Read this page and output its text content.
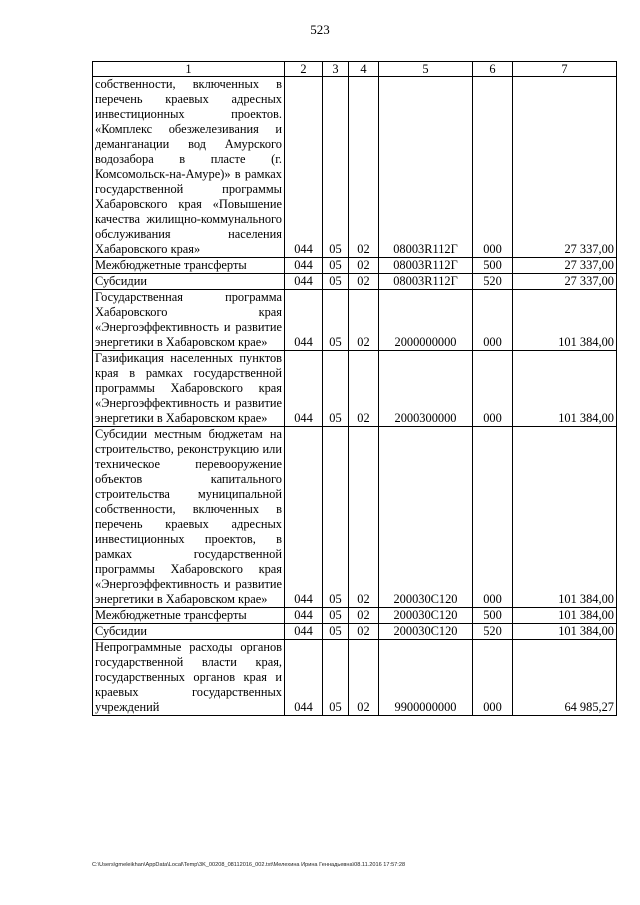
523
1	2	3	4	5	6	7
собственности, включенных в перечень краевых адресных инвестиционных проектов. «Комплекс обезжелезивания и деманганации вод Амурского водозабора в пласте (г. Комсомольск-на-Амуре)» в рамках государственной программы Хабаровского края «Повышение качества жилищно-коммунального обслуживания населения Хабаровского края»	044	05	02	08003R112Г	000	27 337,00
Межбюджетные трансферты	044	05	02	08003R112Г	500	27 337,00
Субсидии	044	05	02	08003R112Г	520	27 337,00
Государственная программа Хабаровского края «Энергоэффективность и развитие энергетики в Хабаровском крае»	044	05	02	2000000000	000	101 384,00
Газификация населенных пунктов края в рамках государственной программы Хабаровского края «Энергоэффективность и развитие энергетики в Хабаровском крае»	044	05	02	2000300000	000	101 384,00
Субсидии местным бюджетам на строительство, реконструкцию или техническое перевооружение объектов капитального строительства муниципальной собственности, включенных в перечень краевых адресных инвестиционных проектов, в рамках государственной программы Хабаровского края «Энергоэффективность и развитие энергетики в Хабаровском крае»	044	05	02	200030С120	000	101 384,00
Межбюджетные трансферты	044	05	02	200030С120	500	101 384,00
Субсидии	044	05	02	200030С120	520	101 384,00
Непрограммные расходы органов государственной власти края, государственных органов края и краевых государственных учреждений	044	05	02	9900000000	000	64 985,27
C:\Users\gmeleikhan\AppData\Local\Temp\3K_00208_08112016_002.txt\Мелехина Ирина Геннадьевна\08.11.2016 17:57:28
